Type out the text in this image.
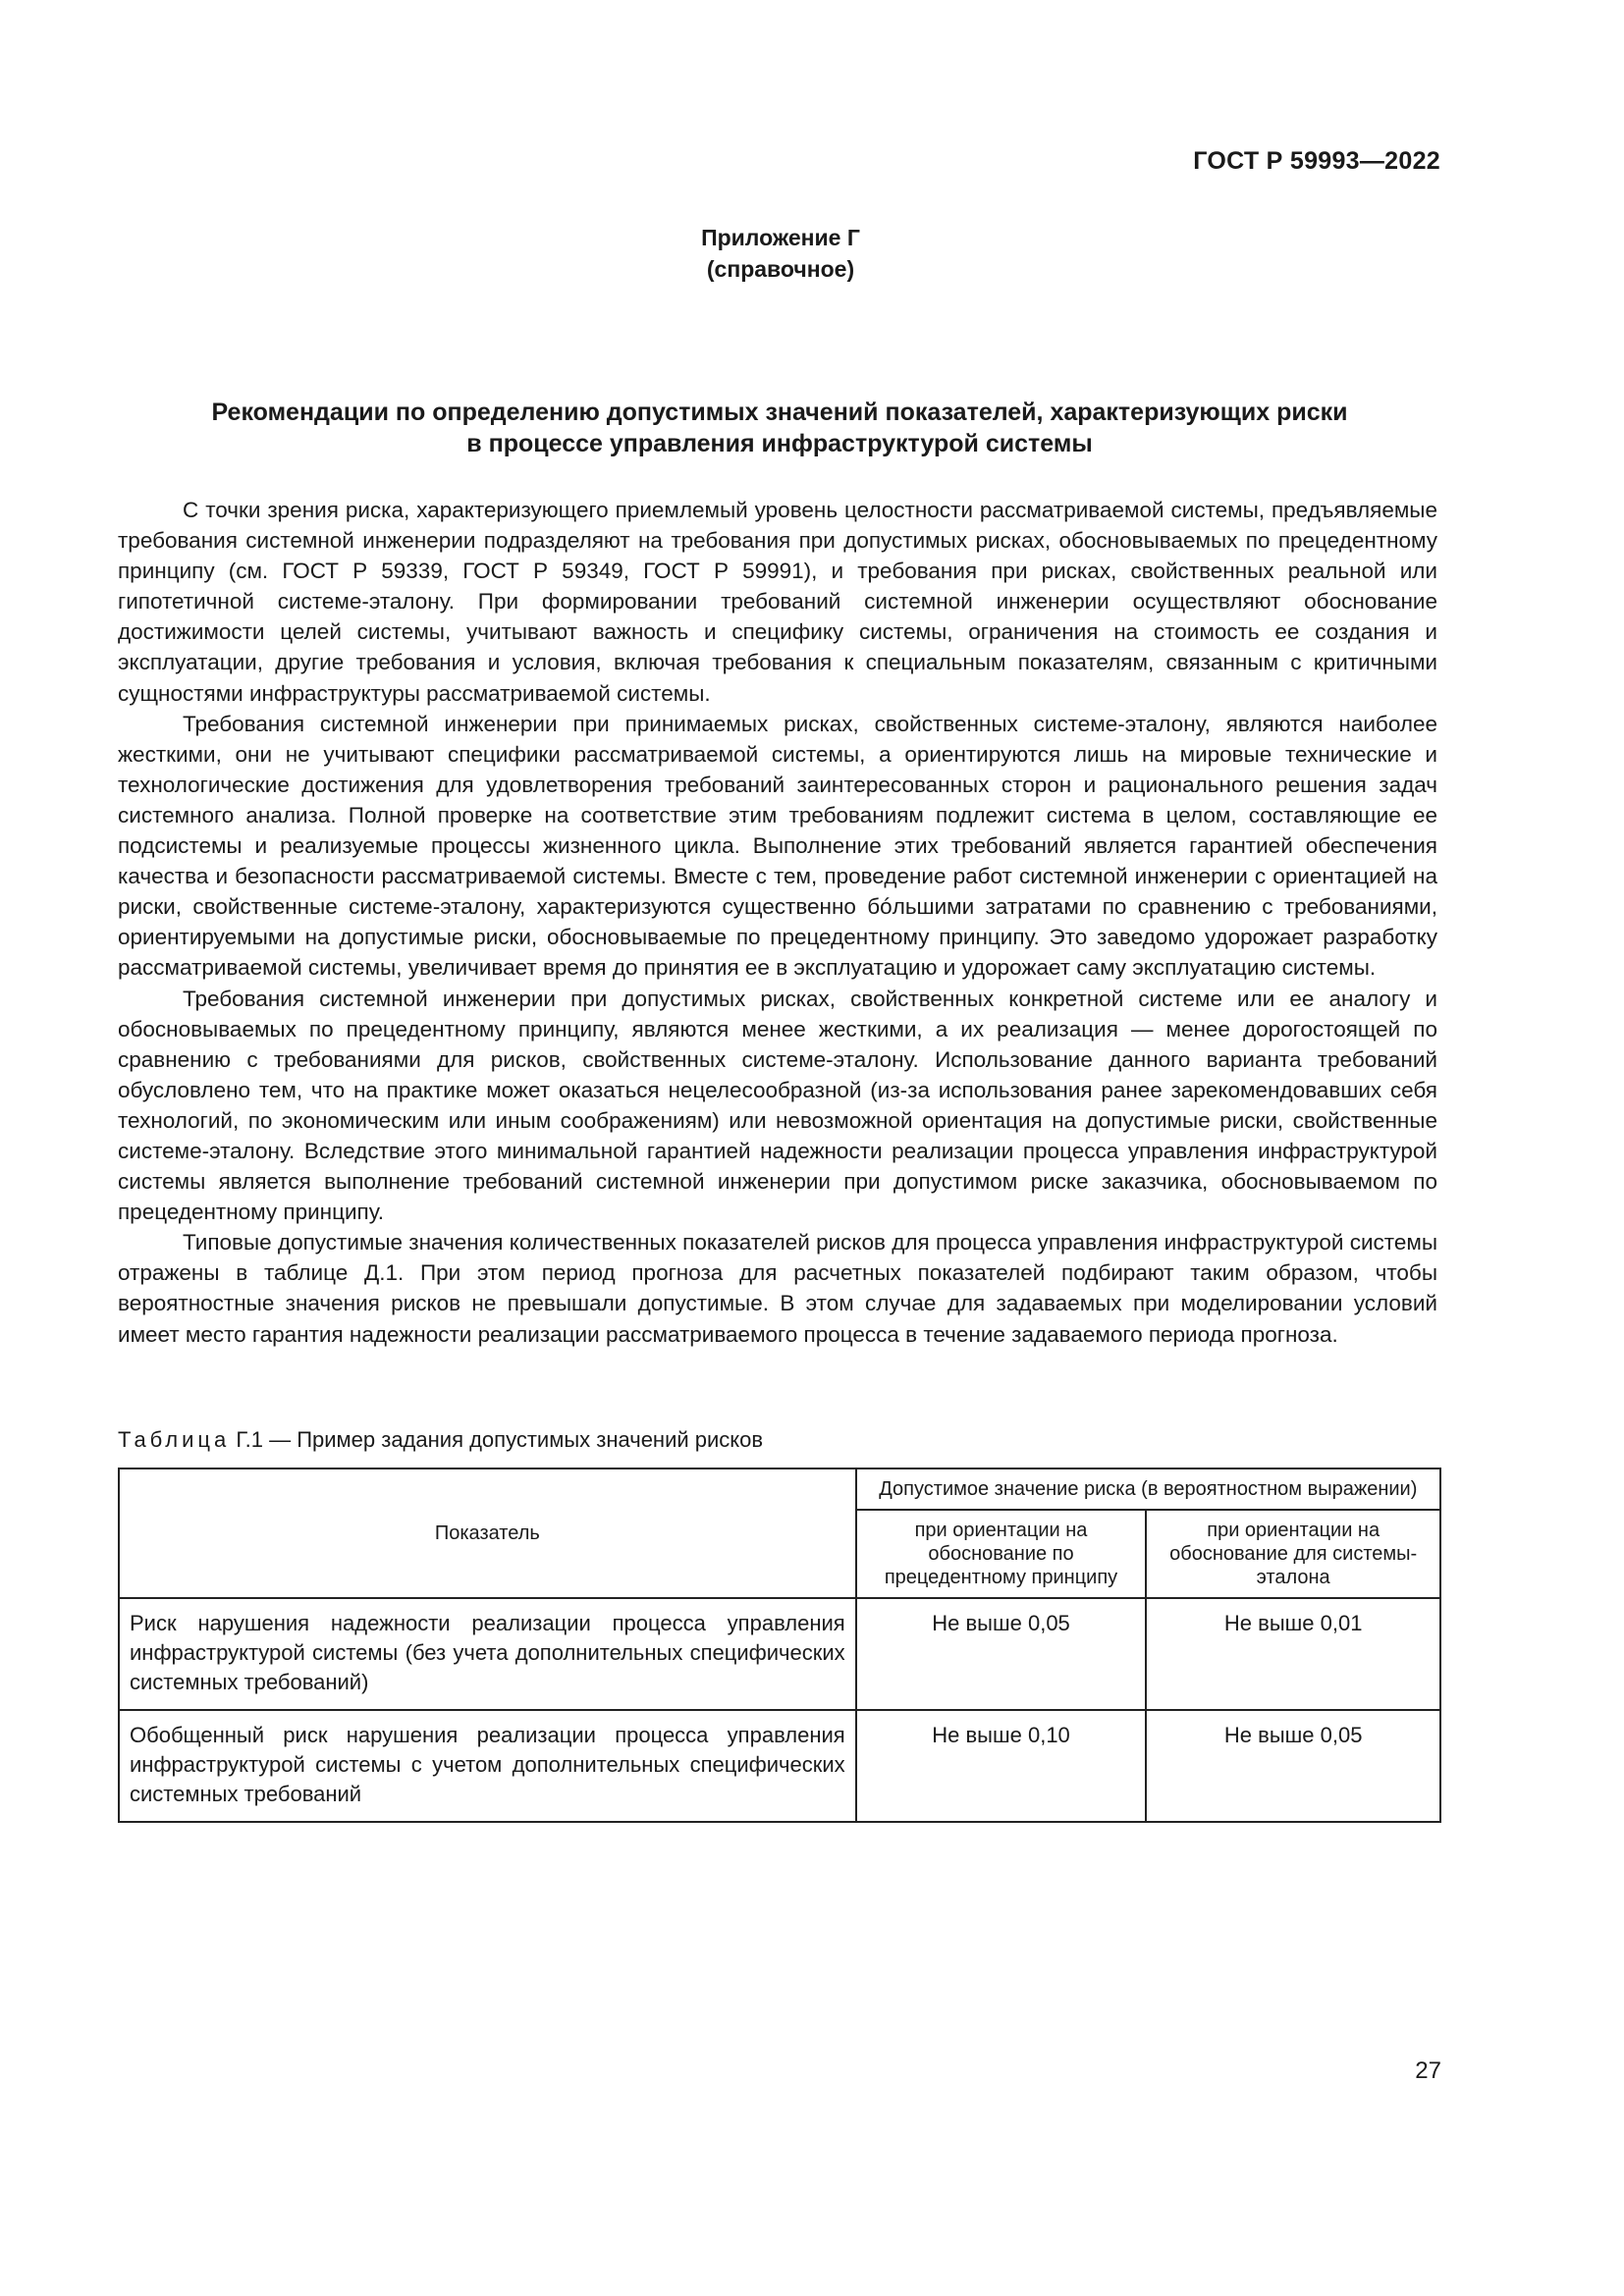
ГОСТ Р 59993—2022
Приложение Г
(справочное)
Рекомендации по определению допустимых значений показателей, характеризующих риски
в процессе управления инфраструктурой системы

С точки зрения риска, характеризующего приемлемый уровень целостности рассматриваемой системы, предъявляемые требования системной инженерии подразделяют на требования при допустимых рисках, обосновываемых по прецедентному принципу (см. ГОСТ Р 59339, ГОСТ Р 59349, ГОСТ Р 59991), и требования при рисках, свойственных реальной или гипотетичной системе-эталону. При формировании требований системной инженерии осуществляют обоснование достижимости целей системы, учитывают важность и специфику системы, ограничения на стоимость ее создания и эксплуатации, другие требования и условия, включая требования к специальным показателям, связанным с критичными сущностями инфраструктуры рассматриваемой системы.

Требования системной инженерии при принимаемых рисках, свойственных системе-эталону, являются наиболее жесткими, они не учитывают специфики рассматриваемой системы, а ориентируются лишь на мировые технические и технологические достижения для удовлетворения требований заинтересованных сторон и рационального решения задач системного анализа. Полной проверке на соответствие этим требованиям подлежит система в целом, составляющие ее подсистемы и реализуемые процессы жизненного цикла. Выполнение этих требований является гарантией обеспечения качества и безопасности рассматриваемой системы. Вместе с тем, проведение работ системной инженерии с ориентацией на риски, свойственные системе-эталону, характеризуются существенно бóльшими затратами по сравнению с требованиями, ориентируемыми на допустимые риски, обосновываемые по прецедентному принципу. Это заведомо удорожает разработку рассматриваемой системы, увеличивает время до принятия ее в эксплуатацию и удорожает саму эксплуатацию системы.

Требования системной инженерии при допустимых рисках, свойственных конкретной системе или ее аналогу и обосновываемых по прецедентному принципу, являются менее жесткими, а их реализация — менее дорогостоящей по сравнению с требованиями для рисков, свойственных системе-эталону. Использование данного варианта требований обусловлено тем, что на практике может оказаться нецелесообразной (из-за использования ранее зарекомендовавших себя технологий, по экономическим или иным соображениям) или невозможной ориентация на допустимые риски, свойственные системе-эталону. Вследствие этого минимальной гарантией надежности реализации процесса управления инфраструктурой системы является выполнение требований системной инженерии при допустимом риске заказчика, обосновываемом по прецедентному принципу.

Типовые допустимые значения количественных показателей рисков для процесса управления инфраструктурой системы отражены в таблице Д.1. При этом период прогноза для расчетных показателей подбирают таким образом, чтобы вероятностные значения рисков не превышали допустимые. В этом случае для задаваемых при моделировании условий имеет место гарантия надежности реализации рассматриваемого процесса в течение задаваемого периода прогноза.

Таблица Г.1 — Пример задания допустимых значений рисков
Показатель	Допустимое значение риска (в вероятностном выражении)	
	при ориентации на обоснование по прецедентному принципу	при ориентации на обоснование для системы-эталона
Риск нарушения надежности реализации процесса управления инфраструктурой системы (без учета дополнительных специфических системных требований)	Не выше 0,05	Не выше 0,01
Обобщенный риск нарушения реализации процесса управления инфраструктурой системы с учетом дополнительных специфических системных требований	Не выше 0,10	Не выше 0,05
27
